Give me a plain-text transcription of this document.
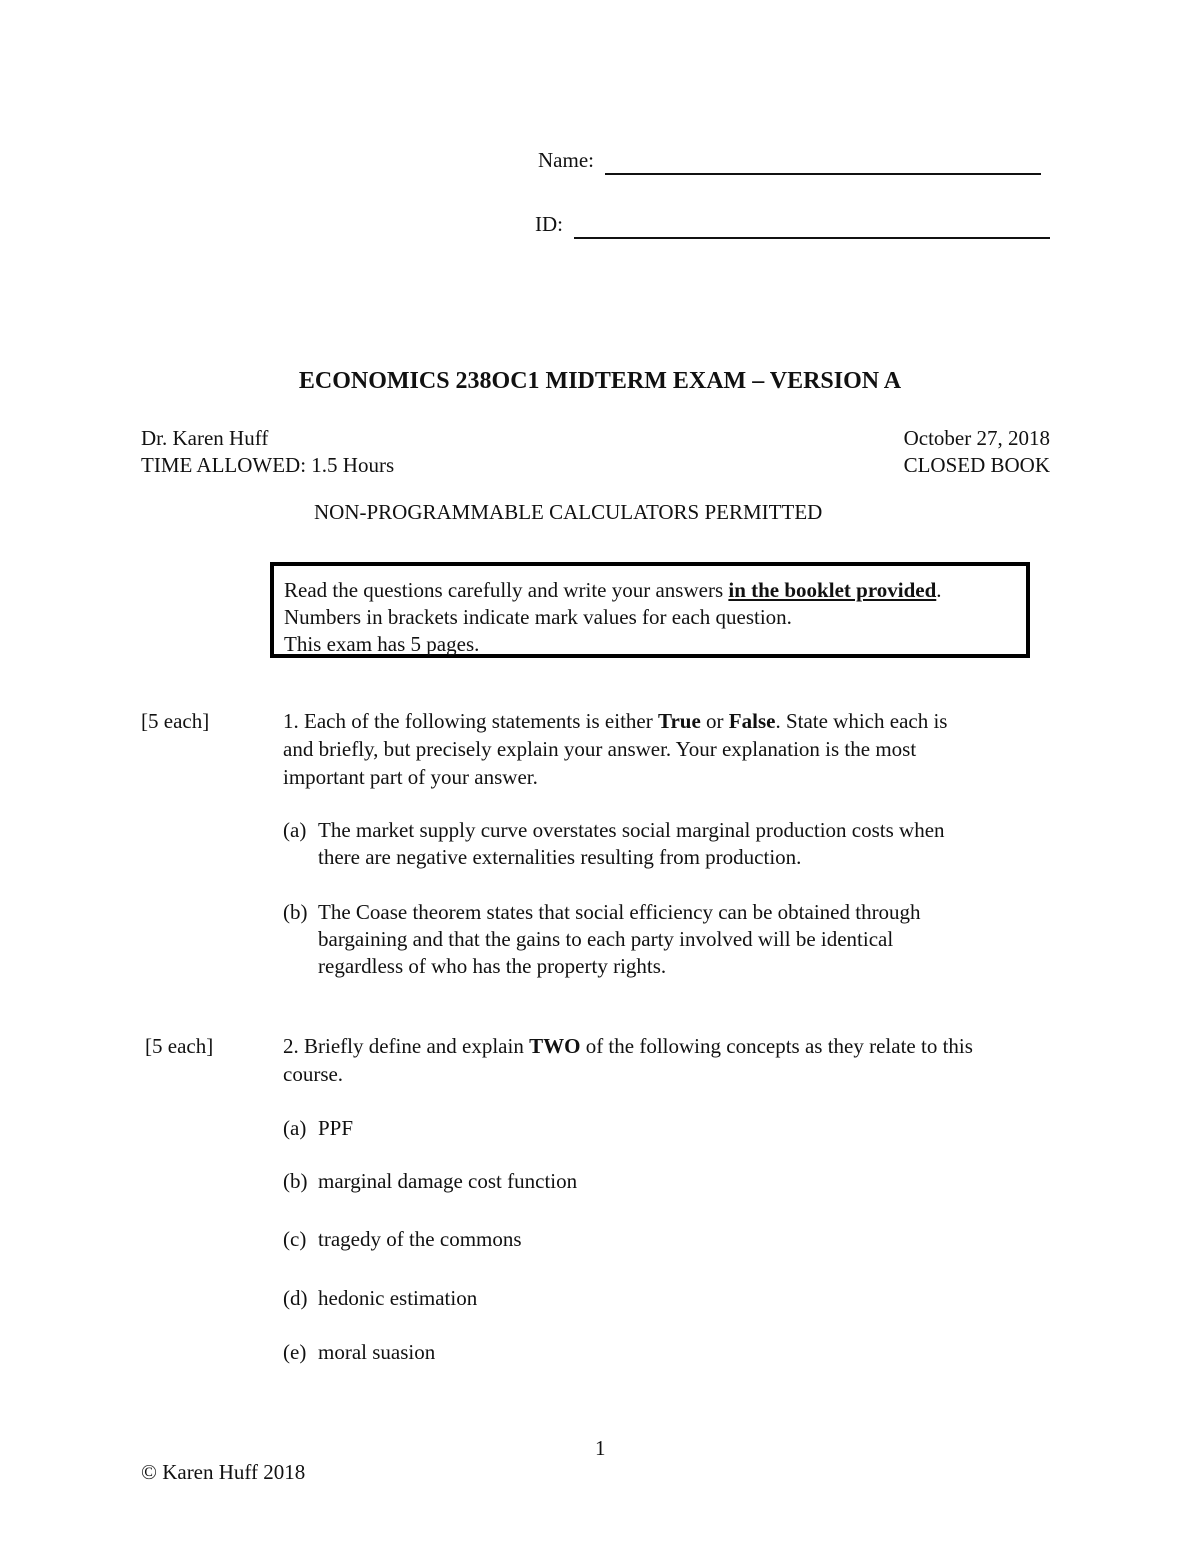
Name:
ID:
ECONOMICS 238OC1 MIDTERM EXAM – VERSION A
Dr. Karen Huff	October 27, 2018
TIME ALLOWED: 1.5 Hours	CLOSED BOOK
NON-PROGRAMMABLE CALCULATORS PERMITTED
Read the questions carefully and write your answers in the booklet provided.
Numbers in brackets indicate mark values for each question.
This exam has 5 pages.
[5 each]	1. Each of the following statements is either True or False. State which each is
and briefly, but precisely explain your answer. Your explanation is the most
important part of your answer.
(a) The market supply curve overstates social marginal production costs when
there are negative externalities resulting from production.
(b) The Coase theorem states that social efficiency can be obtained through
bargaining and that the gains to each party involved will be identical
regardless of who has the property rights.
[5 each]	2. Briefly define and explain TWO of the following concepts as they relate to this
course.
(a) PPF
(b) marginal damage cost function
(c) tragedy of the commons
(d) hedonic estimation
(e) moral suasion
1
© Karen Huff 2018
